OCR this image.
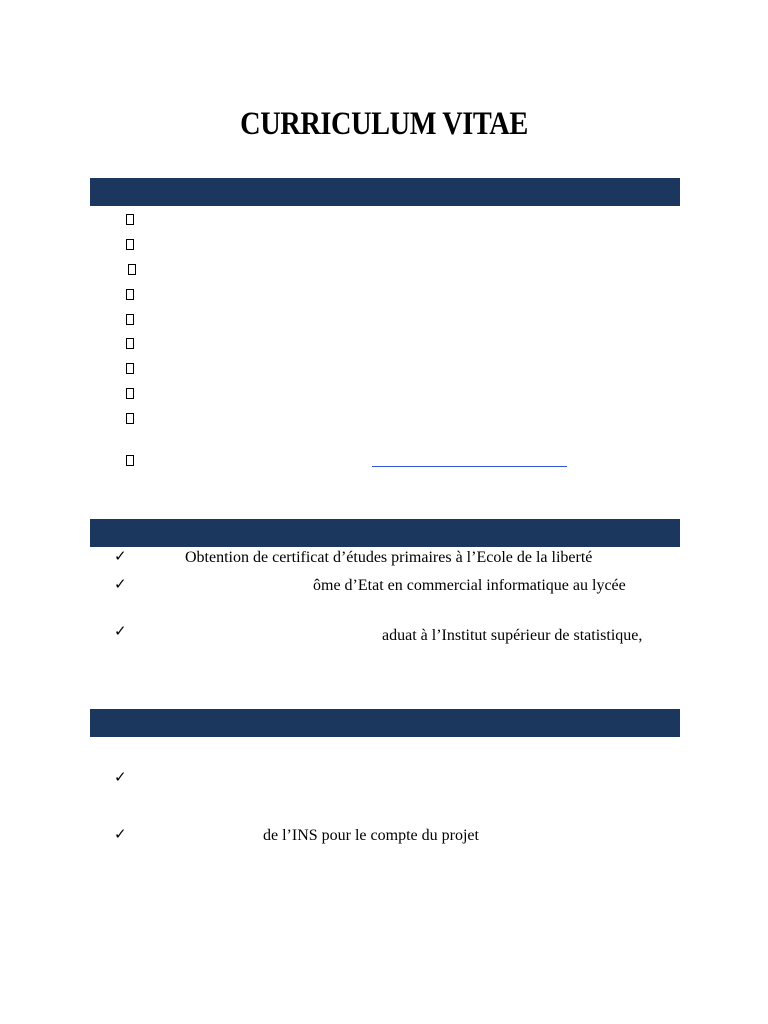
CURRICULUM VITAE
✓	Obtention de certificat d’études primaires à l’Ecole de la liberté
✓	ôme d’Etat en commercial informatique au lycée
✓	aduat à l’Institut supérieur de statistique,
✓
✓	de l’INS pour le compte du projet
